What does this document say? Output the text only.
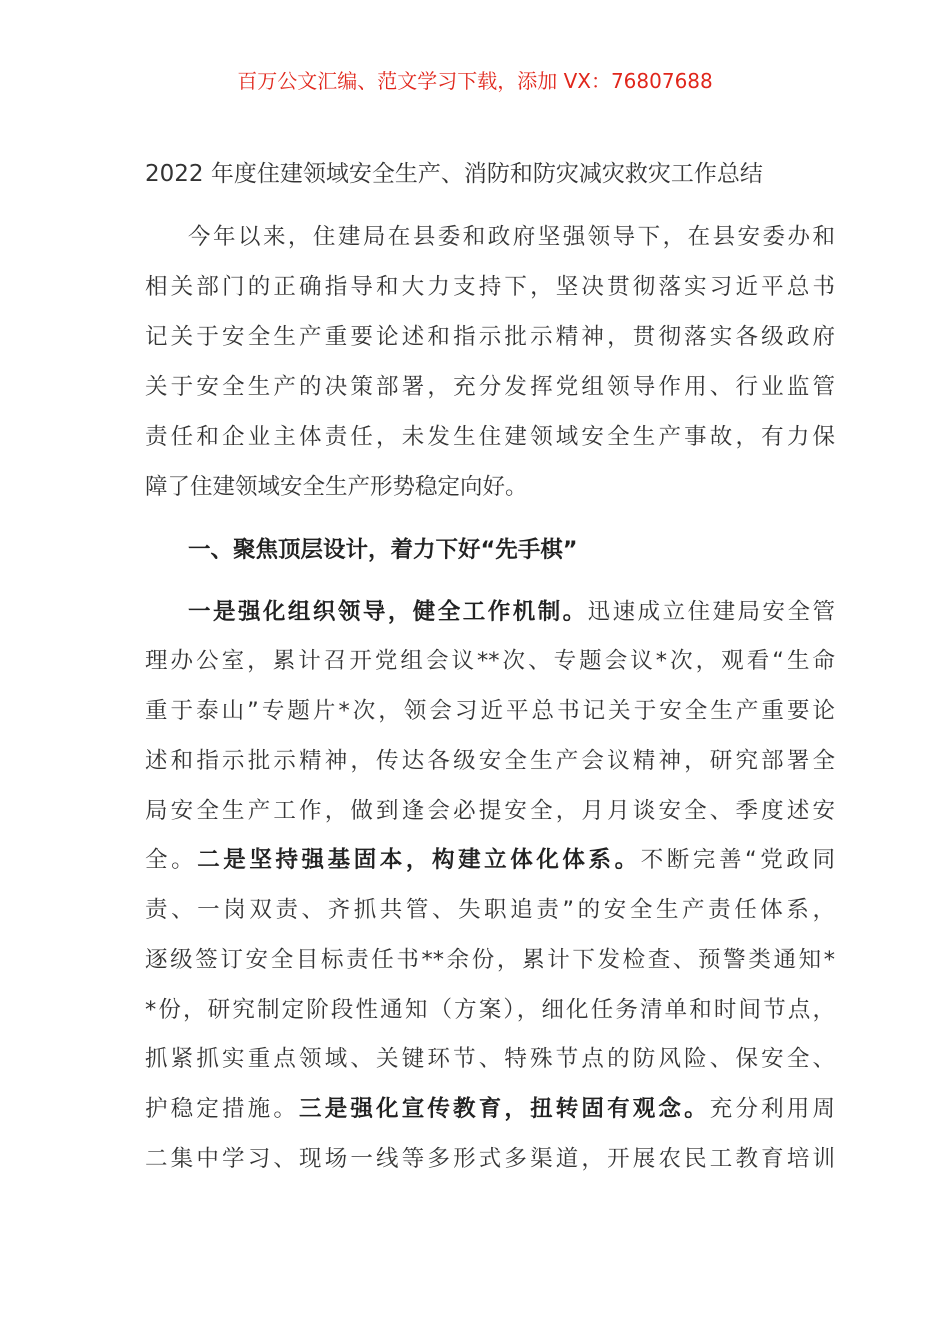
百万公文汇编、范文学习下载，添加 VX：76807688
2022 年度住建领域安全生产、消防和防灾减灾救灾工作总结
今年以来，住建局在县委和政府坚强领导下，在县安委办和
相关部门的正确指导和大力支持下，坚决贯彻落实习近平总书
记关于安全生产重要论述和指示批示精神，贯彻落实各级政府
关于安全生产的决策部署，充分发挥党组领导作用、行业监管
责任和企业主体责任，未发生住建领域安全生产事故，有力保
障了住建领域安全生产形势稳定向好。
一、聚焦顶层设计，着力下好“先手棋”
一是强化组织领导，健全工作机制。迅速成立住建局安全管
理办公室，累计召开党组会议**次、专题会议*次，观看“生命
重于泰山”专题片*次，领会习近平总书记关于安全生产重要论
述和指示批示精神，传达各级安全生产会议精神，研究部署全
局安全生产工作，做到逢会必提安全，月月谈安全、季度述安
全。二是坚持强基固本，构建立体化体系。不断完善“党政同
责、一岗双责、齐抓共管、失职追责”的安全生产责任体系，
逐级签订安全目标责任书**余份，累计下发检查、预警类通知*
*份，研究制定阶段性通知（方案），细化任务清单和时间节点，
抓紧抓实重点领域、关键环节、特殊节点的防风险、保安全、
护稳定措施。三是强化宣传教育，扭转固有观念。充分利用周
二集中学习、现场一线等多形式多渠道，开展农民工教育培训
